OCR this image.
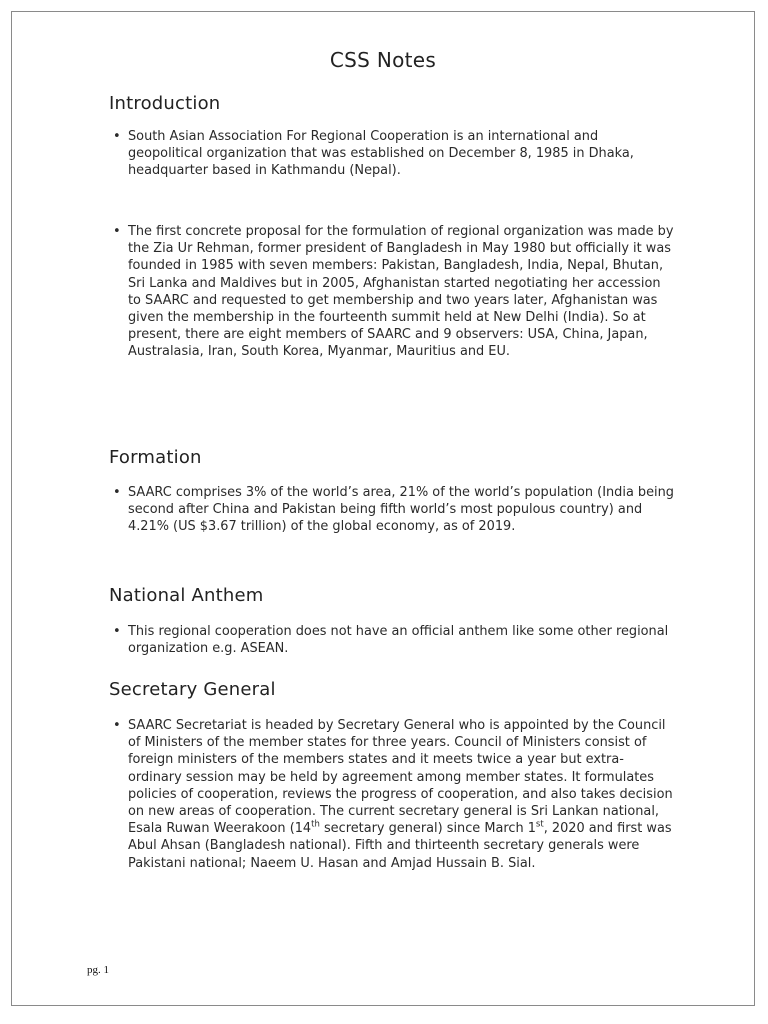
CSS Notes
Introduction
• South Asian Association For Regional Cooperation is an international and geopolitical organization that was established on December 8, 1985 in Dhaka, headquarter based in Kathmandu (Nepal).
• The first concrete proposal for the formulation of regional organization was made by the Zia Ur Rehman, former president of Bangladesh in May 1980 but officially it was founded in 1985 with seven members: Pakistan, Bangladesh, India, Nepal, Bhutan, Sri Lanka and Maldives but in 2005, Afghanistan started negotiating her accession to SAARC and requested to get membership and two years later, Afghanistan was given the membership in the fourteenth summit held at New Delhi (India). So at present, there are eight members of SAARC and 9 observers: USA, China, Japan, Australasia, Iran, South Korea, Myanmar, Mauritius and EU.
Formation
• SAARC comprises 3% of the world’s area, 21% of the world’s population (India being second after China and Pakistan being fifth world’s most populous country) and 4.21% (US $3.67 trillion) of the global economy, as of 2019.
National Anthem
• This regional cooperation does not have an official anthem like some other regional organization e.g. ASEAN.
Secretary General
• SAARC Secretariat is headed by Secretary General who is appointed by the Council of Ministers of the member states for three years. Council of Ministers consist of foreign ministers of the members states and it meets twice a year but extra-ordinary session may be held by agreement among member states. It formulates policies of cooperation, reviews the progress of cooperation, and also takes decision on new areas of cooperation. The current secretary general is Sri Lankan national, Esala Ruwan Weerakoon (14th secretary general) since March 1st, 2020 and first was Abul Ahsan (Bangladesh national). Fifth and thirteenth secretary generals were Pakistani national; Naeem U. Hasan and Amjad Hussain B. Sial.
pg. 1
